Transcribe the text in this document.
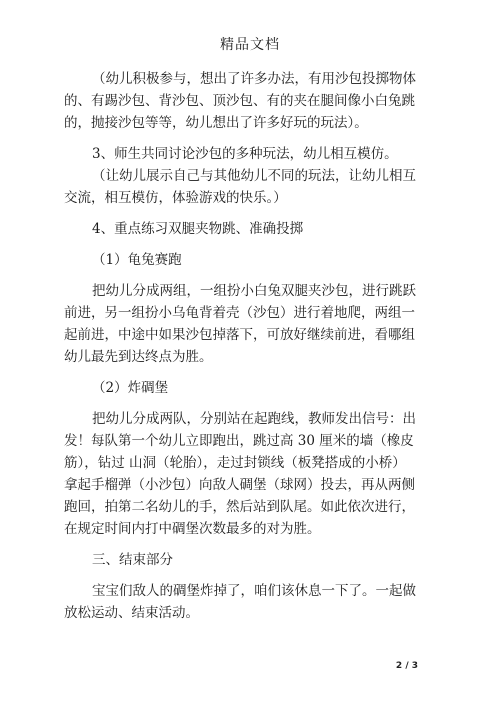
精品文档
（幼儿积极参与，想出了许多办法，有用沙包投掷物体
的、有踢沙包、背沙包、顶沙包、有的夹在腿间像小白兔跳
的，抛接沙包等等，幼儿想出了许多好玩的玩法）。
3、师生共同讨论沙包的多种玩法，幼儿相互模仿。
（让幼儿展示自己与其他幼儿不同的玩法，让幼儿相互
交流，相互模仿，体验游戏的快乐。）
4、重点练习双腿夹物跳、准确投掷
（1）龟兔赛跑
把幼儿分成两组，一组扮小白兔双腿夹沙包，进行跳跃
前进，另一组扮小乌龟背着壳（沙包）进行着地爬，两组一
起前进，中途中如果沙包掉落下，可放好继续前进，看哪组
幼儿最先到达终点为胜。
（2）炸碉堡
把幼儿分成两队，分别站在起跑线，教师发出信号：出
发！每队第一个幼儿立即跑出，跳过高 30 厘米的墙（橡皮
筋），钻过 山洞（轮胎），走过封锁线（板凳搭成的小桥）
拿起手榴弹（小沙包）向敌人碉堡（球网）投去，再从两侧
跑回，拍第二名幼儿的手，然后站到队尾。如此依次进行，
在规定时间内打中碉堡次数最多的对为胜。
三、结束部分
宝宝们敌人的碉堡炸掉了，咱们该休息一下了。一起做
放松运动、结束活动。
2 / 3
